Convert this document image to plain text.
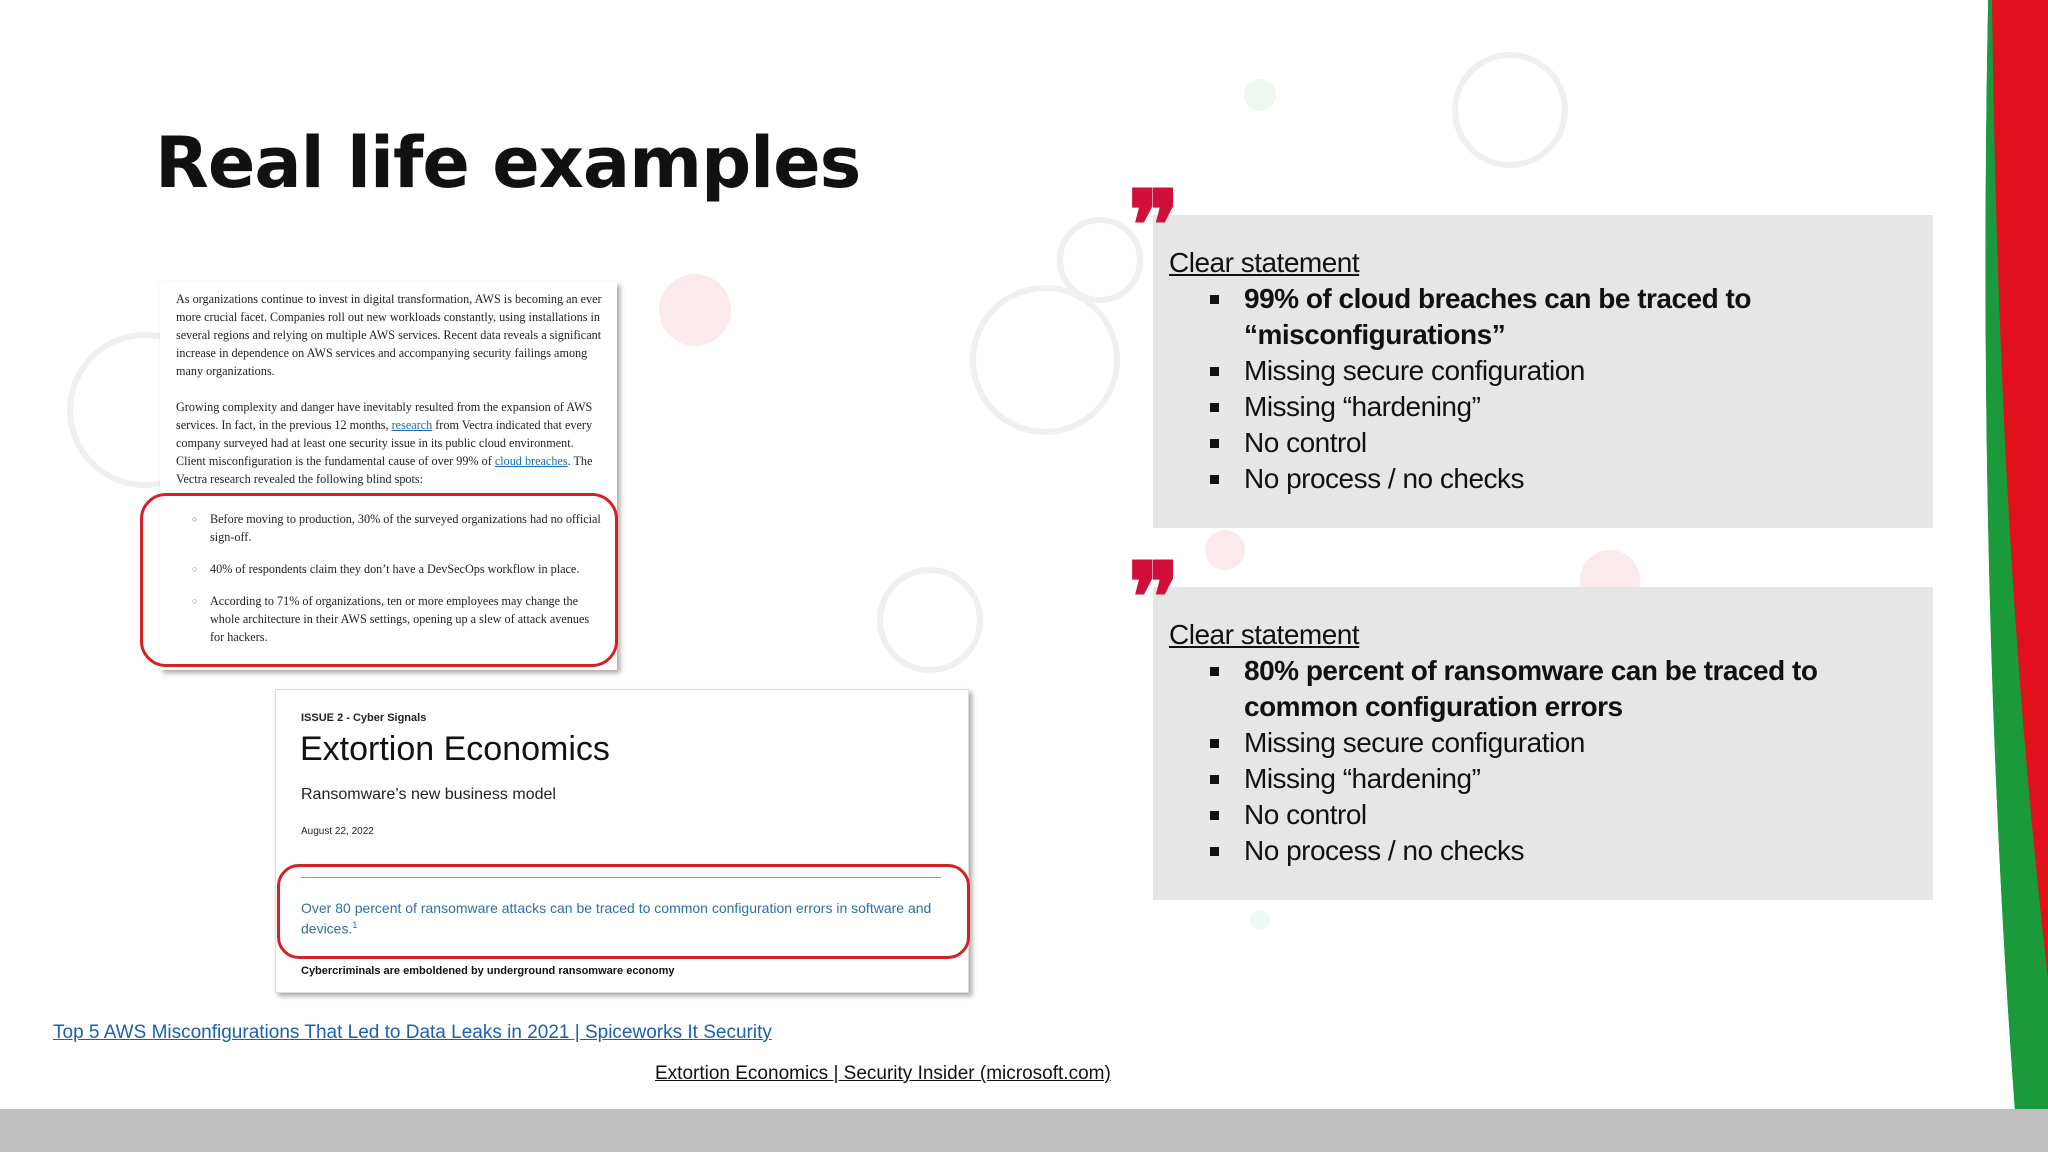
Real life examples

As organizations continue to invest in digital transformation, AWS is becoming an ever more crucial facet. Companies roll out new workloads constantly, using installations in several regions and relying on multiple AWS services. Recent data reveals a significant increase in dependence on AWS services and accompanying security failings among many organizations.

Growing complexity and danger have inevitably resulted from the expansion of AWS services. In fact, in the previous 12 months, research from Vectra indicated that every company surveyed had at least one security issue in its public cloud environment. Client misconfiguration is the fundamental cause of over 99% of cloud breaches. The Vectra research revealed the following blind spots:

○ Before moving to production, 30% of the surveyed organizations had no official sign-off.
○ 40% of respondents claim they don’t have a DevSecOps workflow in place.
○ According to 71% of organizations, ten or more employees may change the whole architecture in their AWS settings, opening up a slew of attack avenues for hackers.
ISSUE 2 - Cyber Signals
Extortion Economics
Ransomware’s new business model
August 22, 2022
Over 80 percent of ransomware attacks can be traced to common configuration errors in software and devices.$^1$
Cybercriminals are emboldened by underground ransomware economy
Top 5 AWS Misconfigurations That Led to Data Leaks in 2021 | Spiceworks It Security
Extortion Economics | Security Insider (microsoft.com)
Clear statement
99% of cloud breaches can be traced to “misconfigurations”
Missing secure configuration
Missing “hardening”
No control
No process / no checks
❞
Clear statement
80% percent of ransomware can be traced to common configuration errors
Missing secure configuration
Missing “hardening”
No control
No process / no checks
❞
